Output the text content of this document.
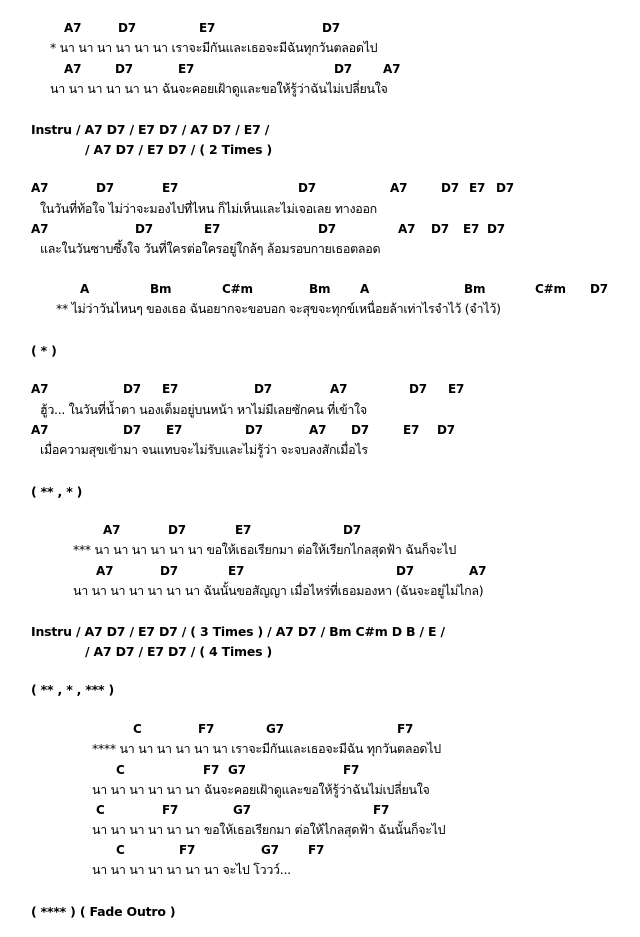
A7	D7	E7	D7
* นา นา นา นา นา นา เราจะมีกันและเธอจะมีฉันทุกวันตลอดไป
A7	D7	E7	D7	A7
นา นา นา นา นา นา ฉันจะคอยเฝ้าดูและขอให้รู้ว่าฉันไม่เปลี่ยนใจ
Instru / A7 D7 / E7 D7 / A7 D7 / E7 /
/ A7 D7 / E7 D7 / ( 2 Times )
A7	D7	E7	D7	A7	D7 E7 D7
ในวันที่ท้อใจ ไม่ว่าจะมองไปที่ไหน ก็ไม่เห็นและไม่เจอเลย ทางออก
A7	D7	E7	D7	A7 D7 E7 D7
และในวันซาบซึ้งใจ วันที่ใครต่อใครอยู่ใกล้ๆ ล้อมรอบกายเธอตลอด
A	Bm	C#m	Bm A	Bm	C#m D7
** ไม่ว่าวันไหนๆ ของเธอ ฉันอยากจะขอบอก จะสุขจะทุกข์เหนื่อยล้าเท่าไรจำไว้ (จำไว้)
( * )
A7	D7 E7	D7	A7	D7 E7
ฮู้ว... ในวันที่น้ำตา นองเต็มอยู่บนหน้า หาไม่มีเลยซักคน ที่เข้าใจ
A7	D7 E7	D7	A7 D7	E7 D7
เมื่อความสุขเข้ามา จนแทบจะไม่รับและไม่รู้ว่า จะจบลงสักเมื่อไร
( ** , * )
A7	D7	E7	D7
*** นา นา นา นา นา นา ขอให้เธอเรียกมา ต่อให้เรียกไกลสุดฟ้า ฉันก็จะไป
A7	D7	E7	D7	A7
นา นา นา นา นา นา นา ฉันนั้นขอสัญญา เมื่อไหร่ที่เธอมองหา (ฉันจะอยู่ไม่ไกล)
Instru / A7 D7 / E7 D7 / ( 3 Times ) / A7 D7 / Bm C#m D B / E /
/ A7 D7 / E7 D7 / ( 4 Times )
( ** , * , *** )
C	F7	G7	F7
**** นา นา นา นา นา นา เราจะมีกันและเธอจะมีฉัน ทุกวันตลอดไป
C	F7 G7	F7
นา นา นา นา นา นา ฉันจะคอยเฝ้าดูและขอให้รู้ว่าฉันไม่เปลี่ยนใจ
C	F7	G7	F7
นา นา นา นา นา นา ขอให้เธอเรียกมา ต่อให้ไกลสุดฟ้า ฉันนั้นก็จะไป
C	F7	G7 F7
นา นา นา นา นา นา นา จะไป โววว์...
( **** ) ( Fade Outro )
